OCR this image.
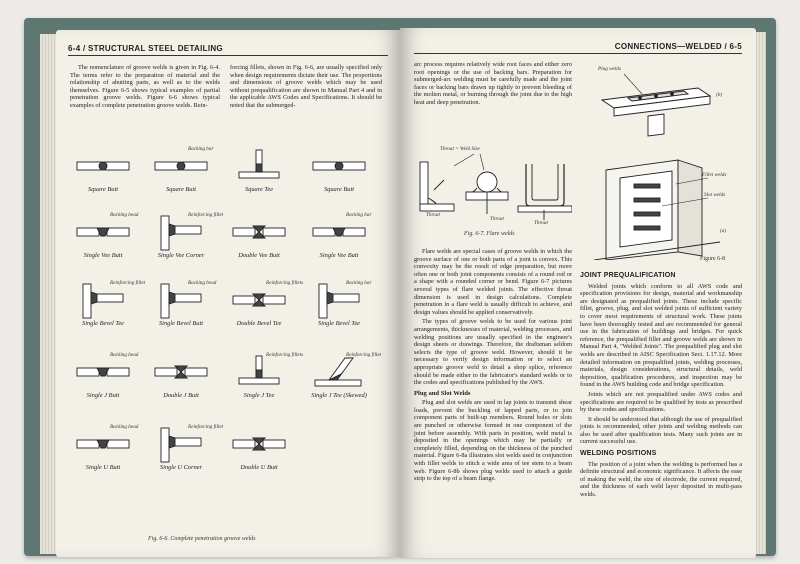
6-4 / STRUCTURAL STEEL DETAILING

The nomenclature of groove welds is given in Fig. 6-4. The terms refer to the preparation of material and the relationship of abutting parts, as well as to the welds themselves. Figure 6-5 shows typical examples of partial penetration groove welds. Figure 6-6 shows typical examples of complete penetration groove welds. Rein-

forcing fillets, shown in Fig. 6-6, are usually specified only when design requirements dictate their use. The proportions and dimensions of groove welds which may be used without prequalification are shown in Manual Part 4 and in the applicable AWS Codes and Specifications. It should be noted that the submerged-

Square Butt
Backing bar
Square Butt	Square Tee	Square Butt
Backing bead
Single Vee Butt
Reinforcing fillet
Single Vee Corner	Double Vee Butt
Backing bar
Single Vee Butt
Reinforcing fillet
Single Bevel Tee
Backing bead
Single Bevel Butt
Reinforcing fillets
Double Bevel Tee
Backing bar
Single Bevel Tee
Backing bead
Single J Butt	Double J Butt
Reinforcing fillets
Single J Tee
Reinforcing fillet
Single J Tee (Skewed)
Backing bead
Single U Butt
Reinforcing fillet
Single U Corner	Double U Butt
Fig. 6-6. Complete penetration groove welds
CONNECTIONS—WELDED / 6-5

arc process requires relatively wide root faces and either zero root openings or the use of backing bars. Preparation for submerged-arc welding must be carefully made and the joint faces or backing bars drawn up tightly to prevent bleeding of the molten metal, or burning through the joint due to the high heat and deep penetration.

Throat = Weld Size
Throat
Throat
Throat
Fig. 6-7. Flare welds

Flare welds are special cases of groove welds in which the groove surface of one or both parts of a joint is convex. This convexity may be the result of edge preparation, but more often one or both joint components consists of a round rod or a shape with a rounded corner or bend. Figure 6-7 pictures several types of flare welded joints. The effective throat dimension is used in design calculations. Complete penetration in a flare weld is usually difficult to achieve, and design values should be applied conservatively.

The types of groove welds to be used for various joint arrangements, thicknesses of material, welding processes, and welding positions are usually specified in the engineer's design sheets or drawings. Therefore, the draftsman seldom selects the type of groove weld. However, should it be necessary to verify design information or to select an appropriate groove weld to detail a shop splice, reference should be made either to the fabricator's standard welds or to the codes and specifications published by the AWS.

Plug and Slot Welds

Plug and slot welds are used in lap joints to transmit shear loads, prevent the buckling of lapped parts, or to join component parts of built-up members. Round holes or slots are punched or otherwise formed in one component of the joint before assembly. With parts in position, weld metal is deposited in the openings which may be partially or completely filled, depending on the thickness of the punched material. Figure 6-8a illustrates slot welds used in conjunction with fillet welds to stitch a wide area of tee stem to a beam web. Figure 6-8b shows plug welds used to attach a guide strip to the top of a beam flange.

Plug welds
(b)
Fillet welds
Slot welds
(a)
Figure 6-8
JOINT PREQUALIFICATION

Welded joints which conform to all AWS code and specification provisions for design, material and workmanship are designated as prequalified joints. These include specific fillet, groove, plug, and slot welded joints of sufficient variety to cover most requirements of structural work. These joints have been thoroughly tested and are recommended for general use in the fabrication of buildings and bridges. For quick reference, the prequalified fillet and groove welds are shown in Manual Part 4, "Welded Joints". The prequalified plug and slot welds are described in AISC Specification Sect. 1.17.12. More detailed information on prequalified joints, welding processes, materials, design considerations, structural details, weld deposition, qualification procedures, and inspection may be found in the AWS building code and bridge specification.

Joints which are not prequalified under AWS codes and specifications are required to be qualified by tests as prescribed by these codes and specifications.

It should be understood that although the use of prequalified joints is recommended, other joints and welding methods can also be used after qualification tests. Many such joints are in current successful use.

WELDING POSITIONS

The position of a joint when the welding is performed has a definite structural and economic significance. It affects the ease of making the weld, the size of electrode, the current required, and the thickness of each weld layer deposited in multi-pass welds.
